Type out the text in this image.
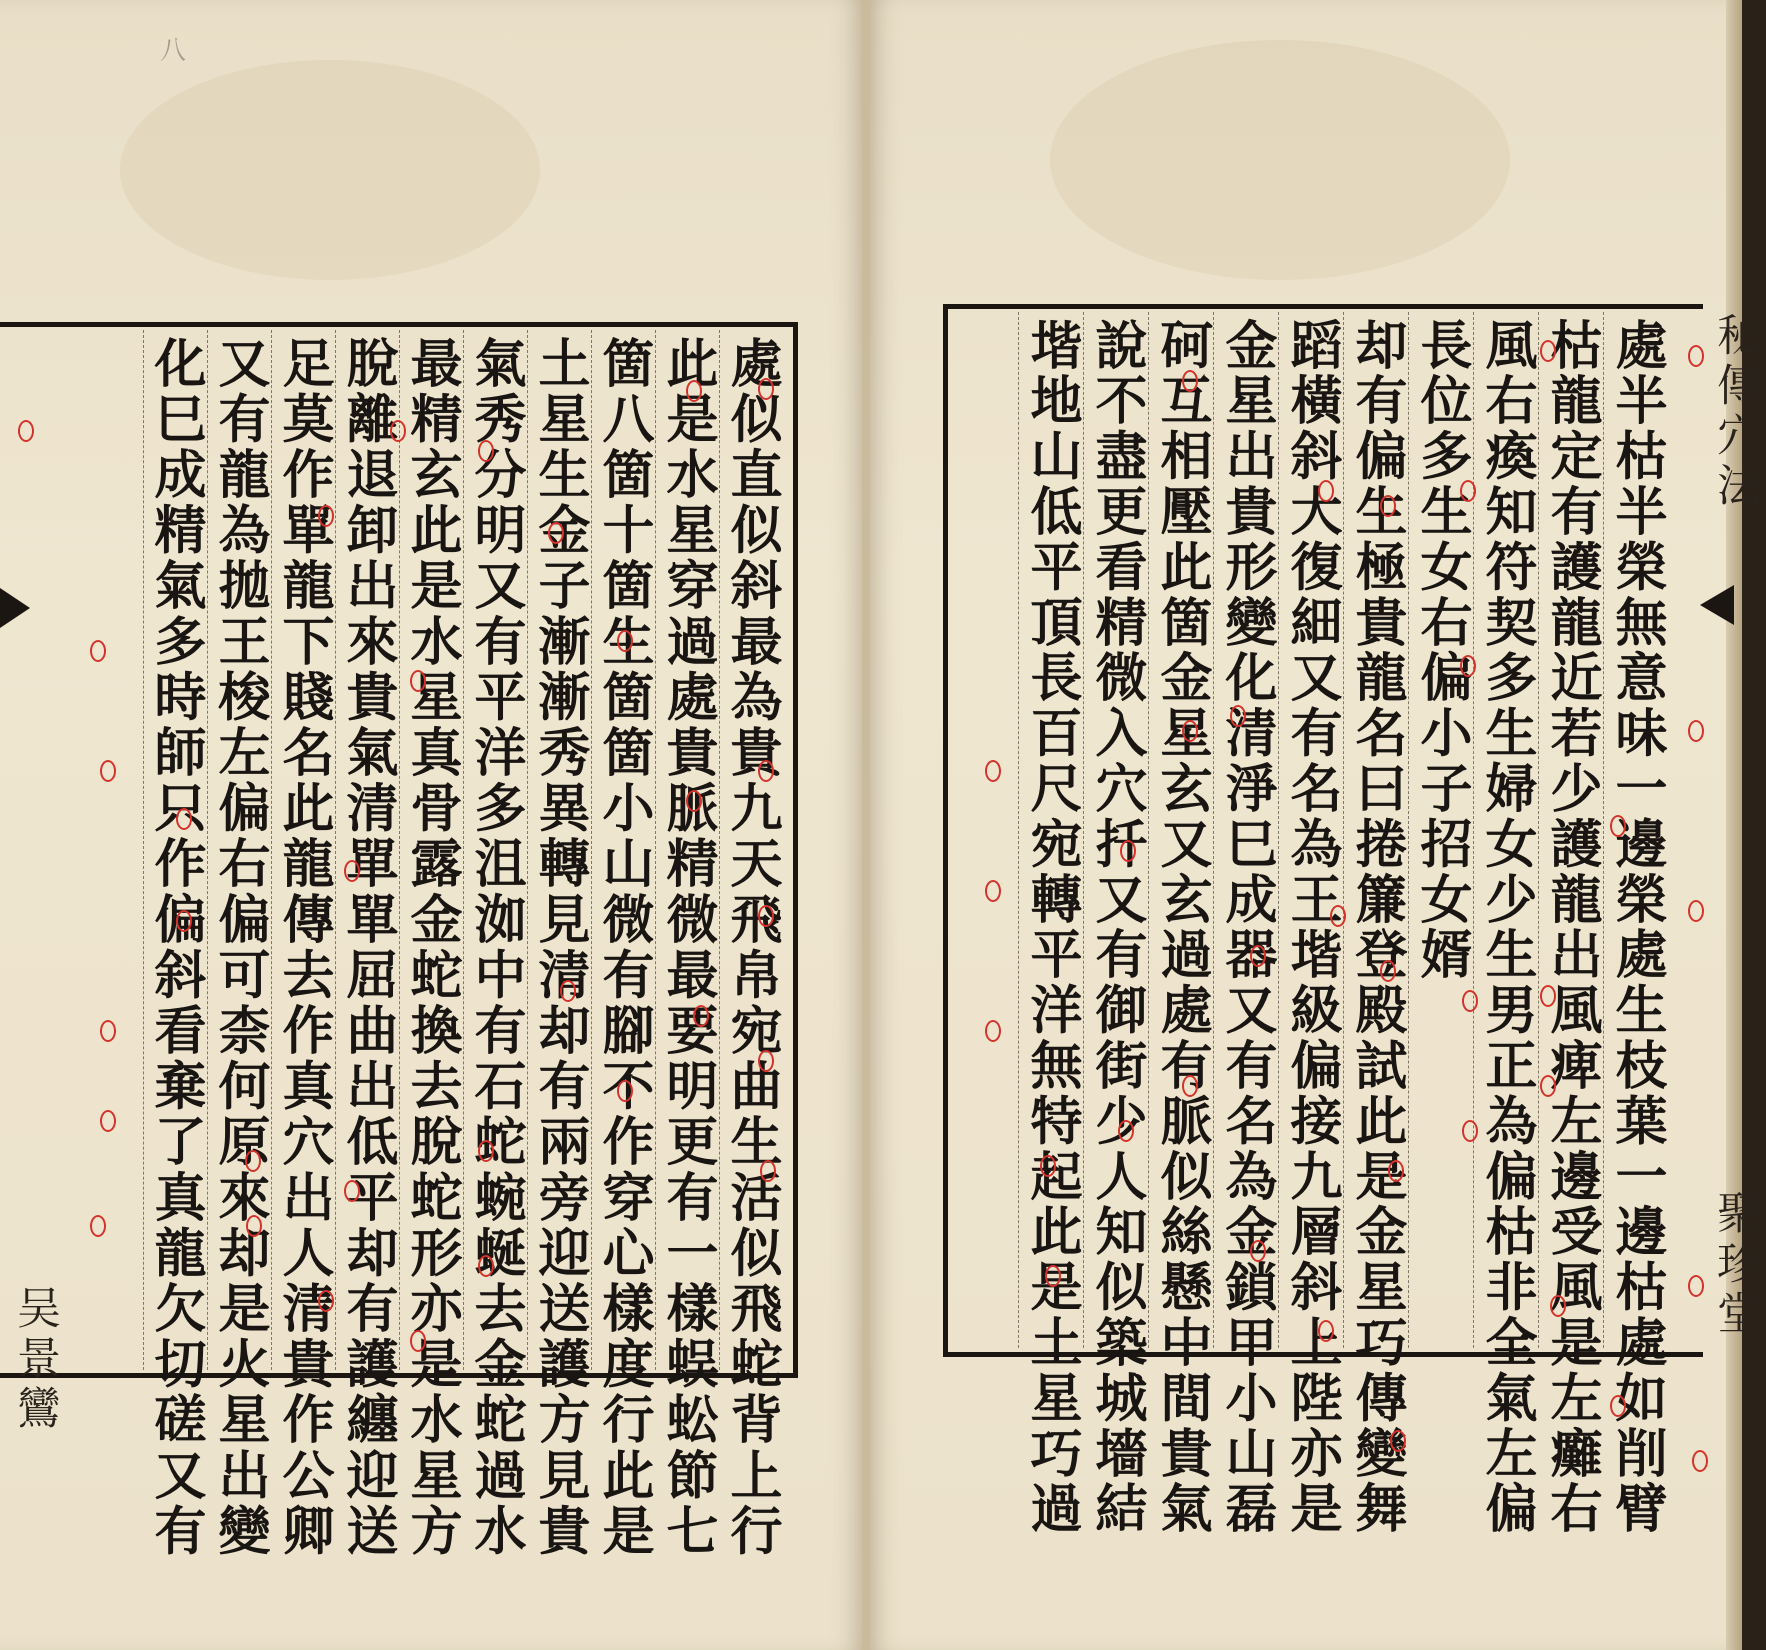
八
處似直似斜最為貴九天飛帛宛曲生活似飛蛇背上行
此是水星穿過處貴脈精微最要明更有一樣蜈蚣節七
箇八箇十箇生箇箇小山微有腳不作穿心樣度行此是
土星生金子漸漸秀異轉見清却有兩旁迎送護方見貴
氣秀分明又有平洋多沮洳中有石蛇蜿蜒去金蛇過水
最精玄此是水星真骨露金蛇換去脫蛇形亦是水星方
脫離退卸出來貴氣清單單屈曲出低平却有護纏迎送
足莫作單龍下賤名此龍傳去作真穴出人清貴作公卿
又有龍為拋王梭左偏右偏可柰何原來却是火星出變
化巳成精氣多時師只作偏斜看棄了真龍欠切磋又有
吴景鸞	處半枯半榮無意味一邊榮處生枝葉一邊枯處如削臂
枯龍定有護龍近若少護龍出風痺左邊受風是左癱右
風右瘓知符契多生婦女少生男正為偏枯非全氣左偏
長位多生女右偏小子招女婿
却有偏生極貴龍名曰捲簾登殿試此是金星巧傳變舞
蹈橫斜大復細又有名為王堦級偏接九層斜上陛亦是
金星出貴形變化清淨巳成器又有名為金鎖甲小山磊
砢互相壓此箇金星玄又玄過處有脈似絲懸中間貴氣
說不盡更看精微入穴扦又有御街少人知似築城墻結
堦地山低平頂長百尺宛轉平洋無特起此是土星巧過	秘傳穴法
聚珍堂
